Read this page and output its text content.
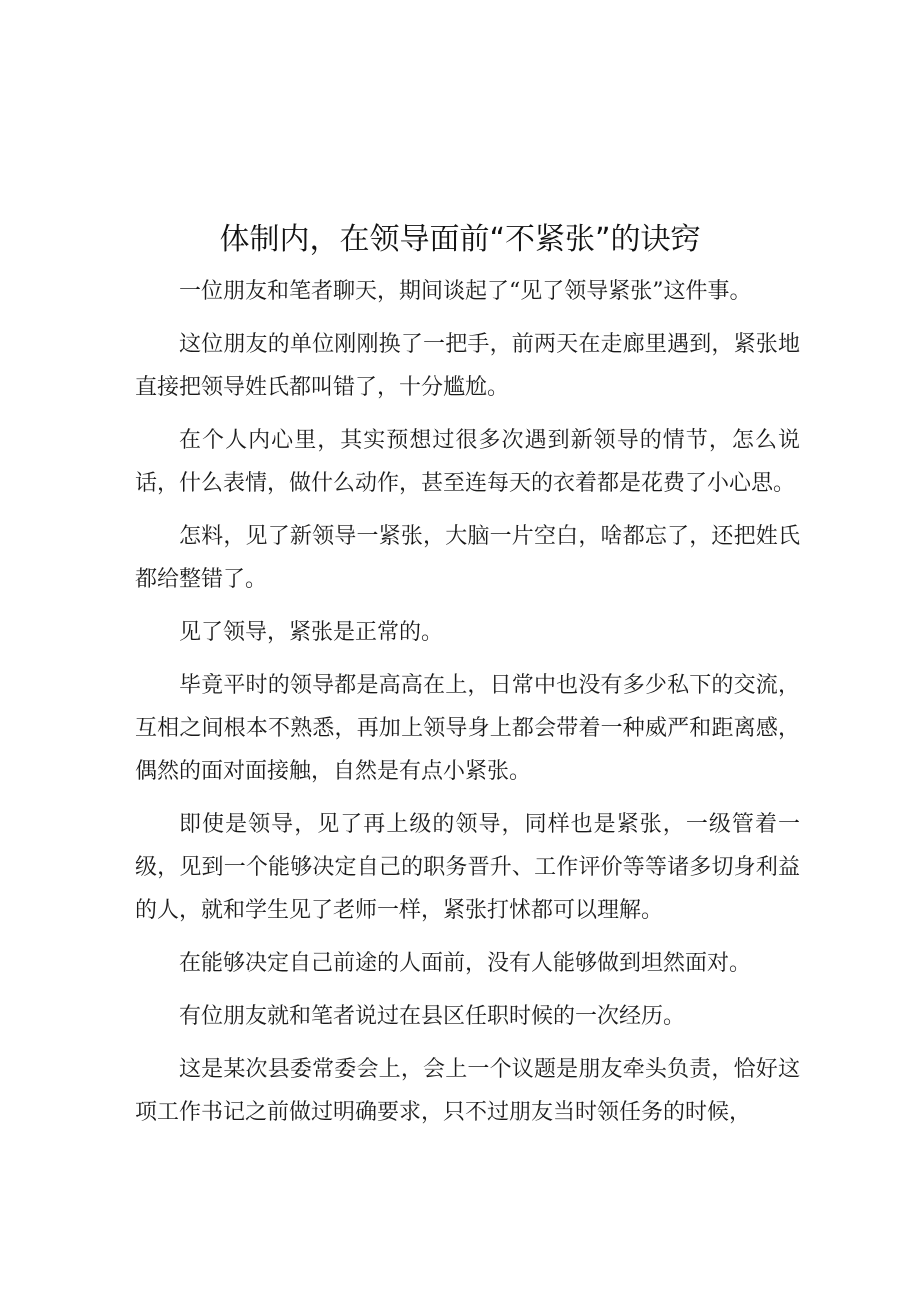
体制内，在领导面前“不紧张”的诀窍

一位朋友和笔者聊天，期间谈起了“见了领导紧张”这件事。

这位朋友的单位刚刚换了一把手，前两天在走廊里遇到，紧张地直接把领导姓氏都叫错了，十分尴尬。

在个人内心里，其实预想过很多次遇到新领导的情节，怎么说话，什么表情，做什么动作，甚至连每天的衣着都是花费了小心思。

怎料，见了新领导一紧张，大脑一片空白，啥都忘了，还把姓氏都给整错了。

见了领导，紧张是正常的。

毕竟平时的领导都是高高在上，日常中也没有多少私下的交流，互相之间根本不熟悉，再加上领导身上都会带着一种威严和距离感，偶然的面对面接触，自然是有点小紧张。

即使是领导，见了再上级的领导，同样也是紧张，一级管着一级，见到一个能够决定自己的职务晋升、工作评价等等诸多切身利益的人，就和学生见了老师一样，紧张打怵都可以理解。

在能够决定自己前途的人面前，没有人能够做到坦然面对。

有位朋友就和笔者说过在县区任职时候的一次经历。

这是某次县委常委会上，会上一个议题是朋友牵头负责，恰好这项工作书记之前做过明确要求，只不过朋友当时领任务的时候，
